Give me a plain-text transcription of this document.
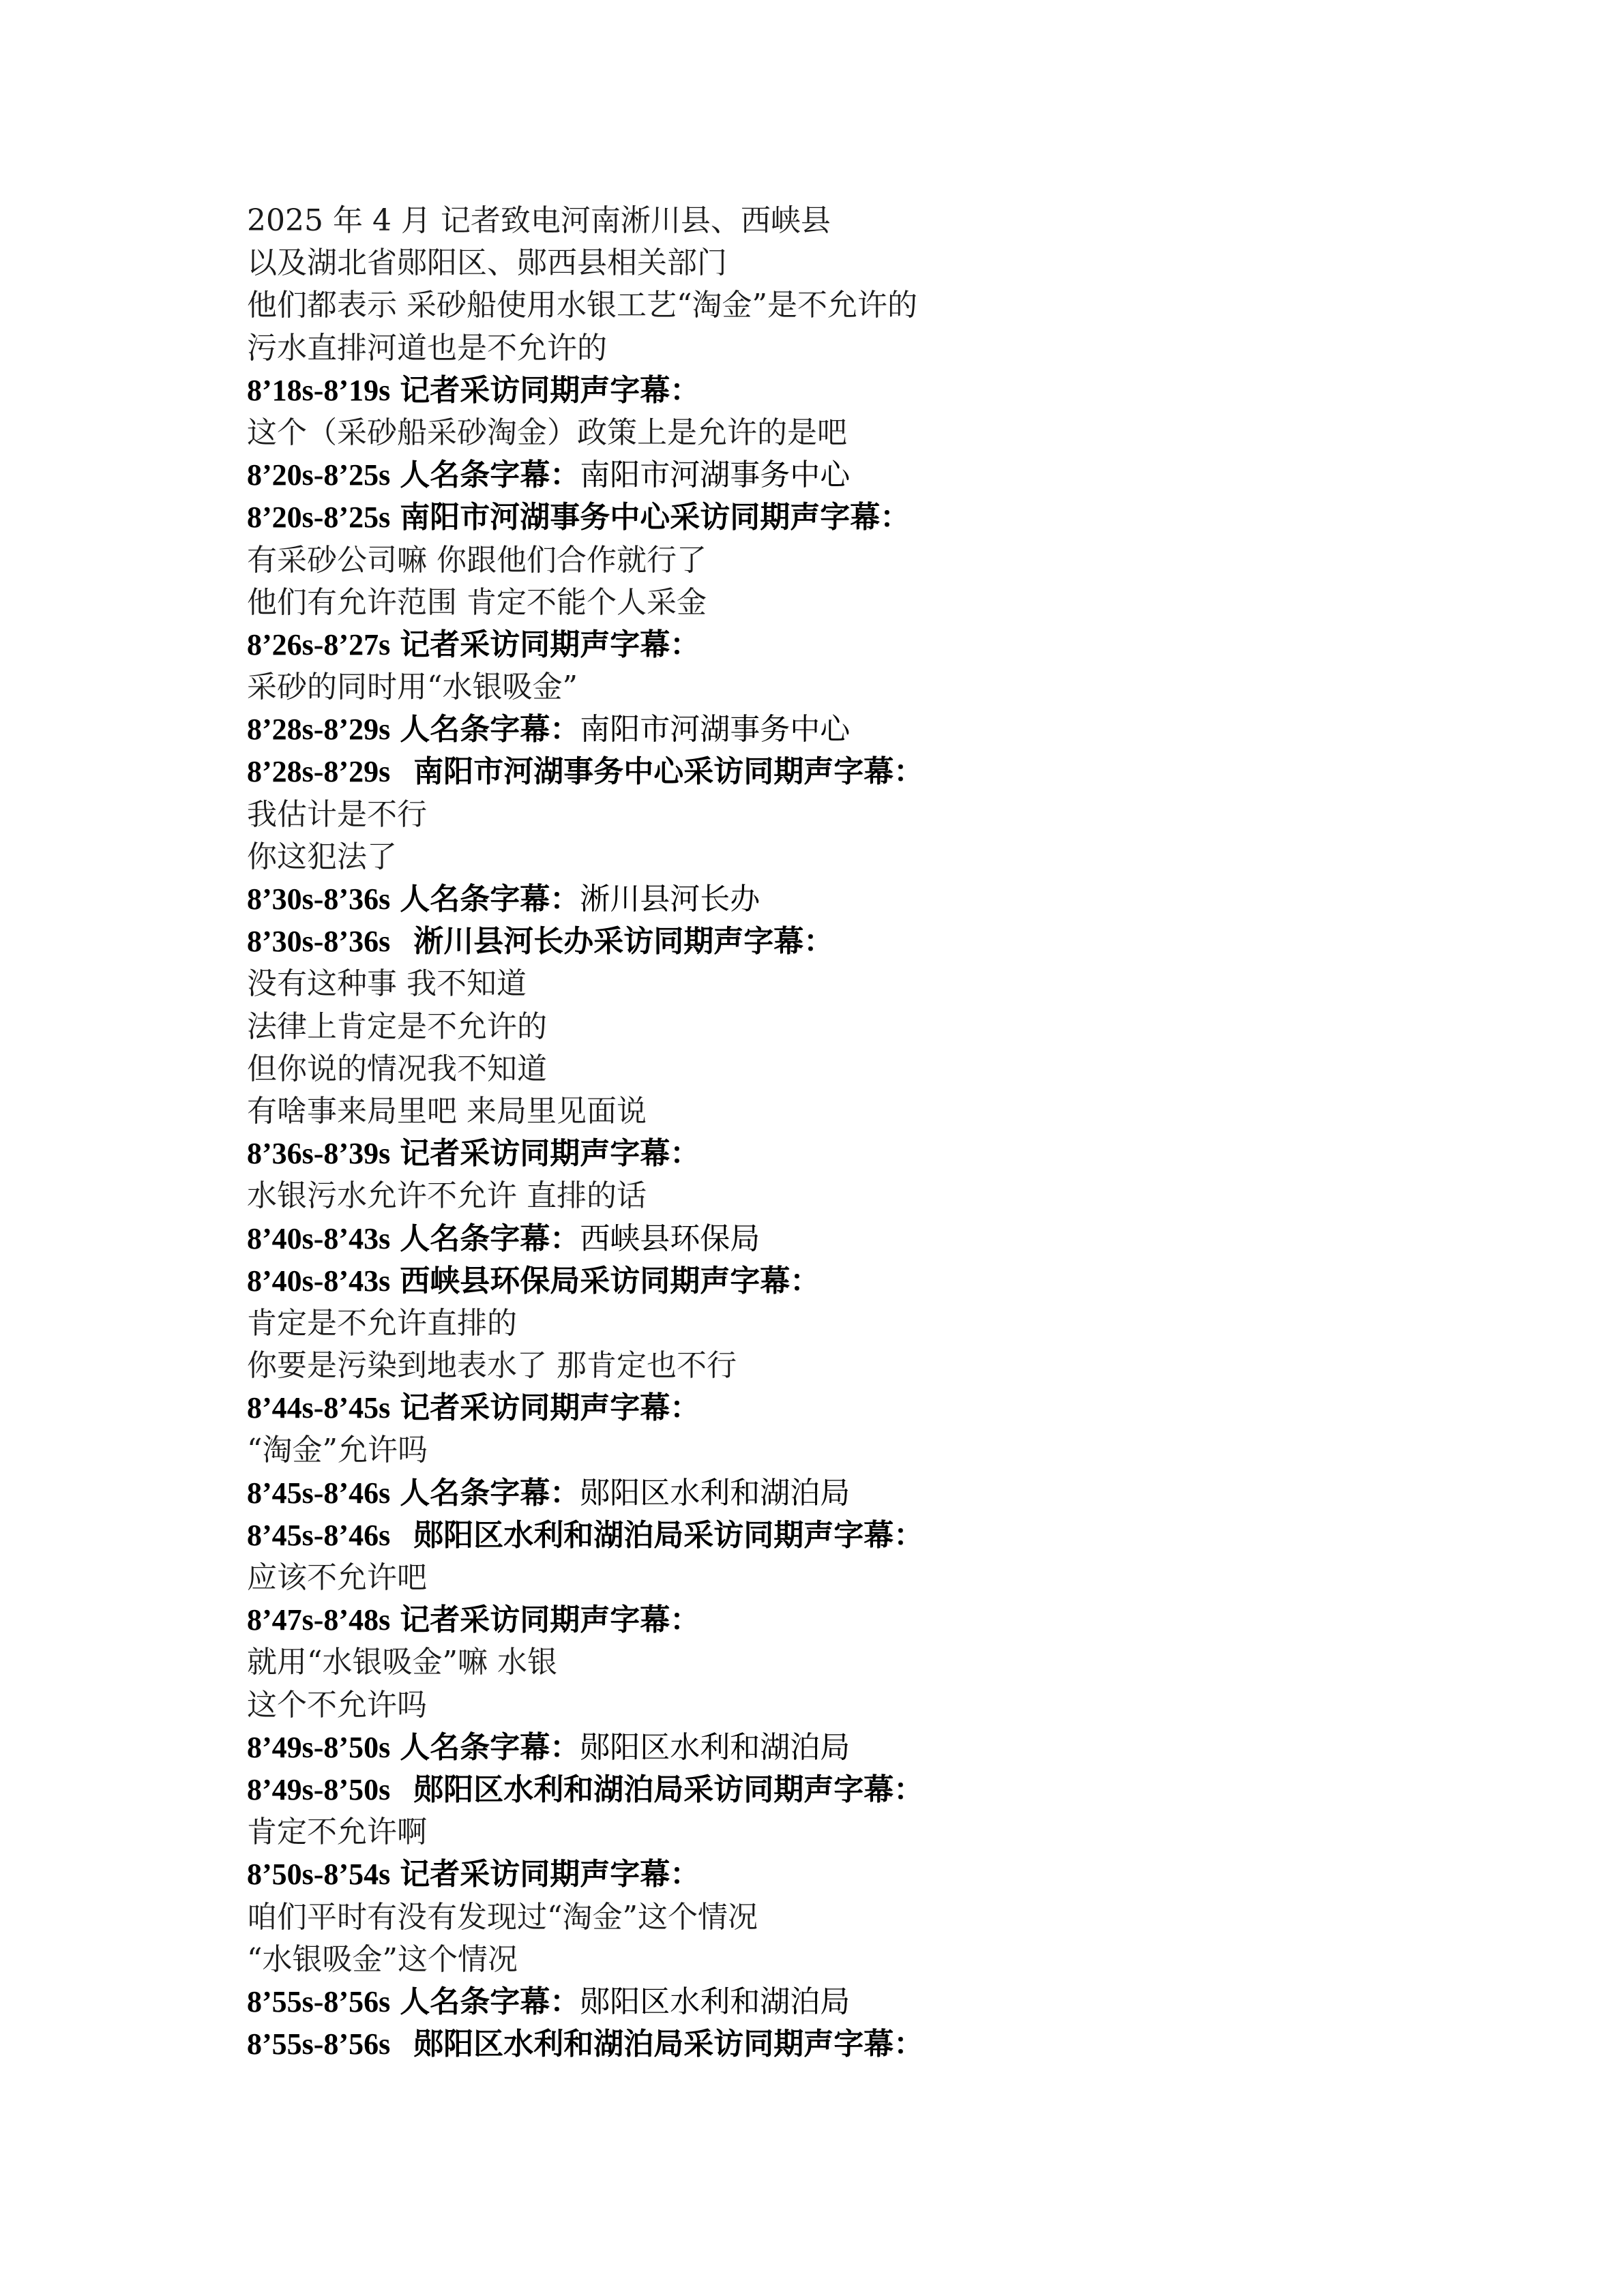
2025 年 4 月 记者致电河南淅川县、西峡县
以及湖北省郧阳区、郧西县相关部门
他们都表示 采砂船使用水银工艺“淘金”是不允许的
污水直排河道也是不允许的
8’18s-8’19s 记者采访同期声字幕：
这个（采砂船采砂淘金）政策上是允许的是吧
8’20s-8’25s 人名条字幕：南阳市河湖事务中心
8’20s-8’25s 南阳市河湖事务中心采访同期声字幕：
有采砂公司嘛 你跟他们合作就行了
他们有允许范围 肯定不能个人采金
8’26s-8’27s 记者采访同期声字幕：
采砂的同时用“水银吸金”
8’28s-8’29s 人名条字幕：南阳市河湖事务中心
8’28s-8’29s 南阳市河湖事务中心采访同期声字幕：
我估计是不行
你这犯法了
8’30s-8’36s 人名条字幕：淅川县河长办
8’30s-8’36s 淅川县河长办采访同期声字幕：
没有这种事 我不知道
法律上肯定是不允许的
但你说的情况我不知道
有啥事来局里吧 来局里见面说
8’36s-8’39s 记者采访同期声字幕：
水银污水允许不允许 直排的话
8’40s-8’43s 人名条字幕：西峡县环保局
8’40s-8’43s 西峡县环保局采访同期声字幕：
肯定是不允许直排的
你要是污染到地表水了 那肯定也不行
8’44s-8’45s 记者采访同期声字幕：
“淘金”允许吗
8’45s-8’46s 人名条字幕：郧阳区水利和湖泊局
8’45s-8’46s 郧阳区水利和湖泊局采访同期声字幕：
应该不允许吧
8’47s-8’48s 记者采访同期声字幕：
就用“水银吸金”嘛 水银
这个不允许吗
8’49s-8’50s 人名条字幕：郧阳区水利和湖泊局
8’49s-8’50s 郧阳区水利和湖泊局采访同期声字幕：
肯定不允许啊
8’50s-8’54s 记者采访同期声字幕：
咱们平时有没有发现过“淘金”这个情况
“水银吸金”这个情况
8’55s-8’56s 人名条字幕：郧阳区水利和湖泊局
8’55s-8’56s 郧阳区水利和湖泊局采访同期声字幕：
